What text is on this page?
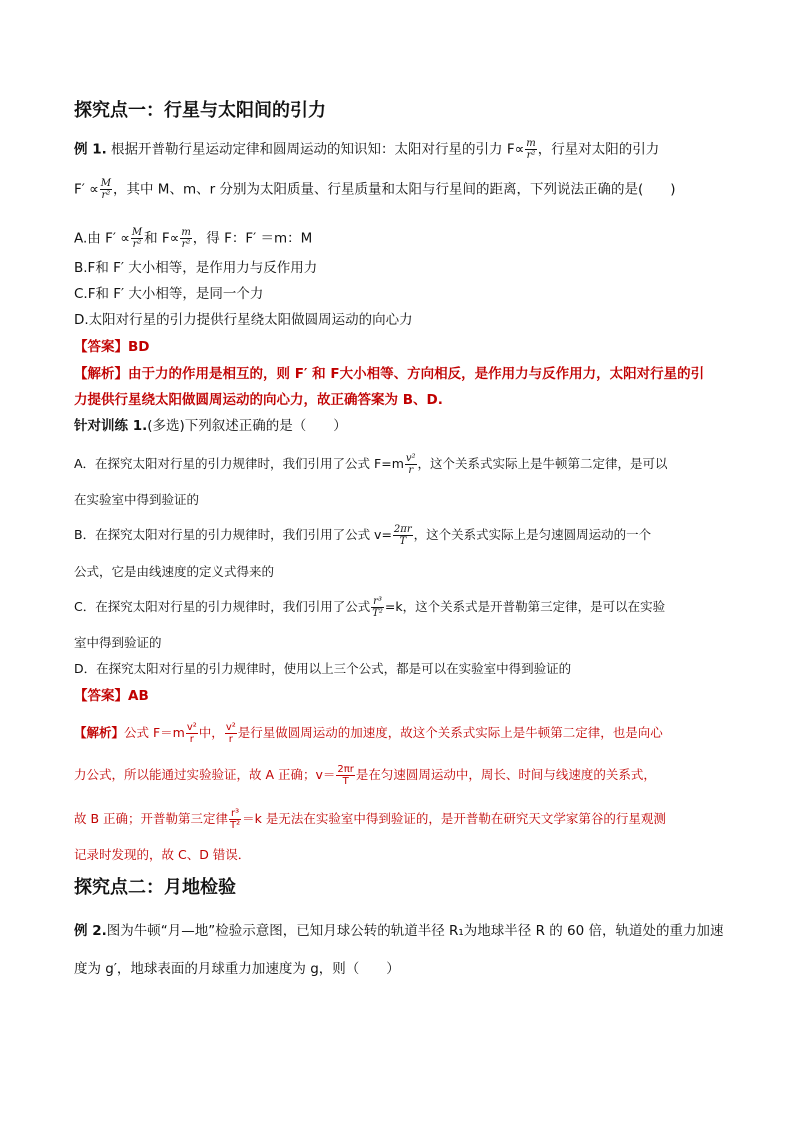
探究点一：行星与太阳间的引力
例 1. 根据开普勒行星运动定律和圆周运动的知识知：太阳对行星的引力 $F\propto \frac{m}{\text{r²}}$ ，行星对太阳的引力
$F' \propto \frac{M}{\text{r²}}$ ，其中 M、m、r 分别为太阳质量、行星质量和太阳与行星间的距离，下列说法正确的是(　　)
A.由 $F' \propto \frac{M}{\text{r²}}$ 和 $F\propto \frac{m}{\text{r²}}$ ，得 F：F′ ＝m：M
B.F和 F′ 大小相等，是作用力与反作用力
C.F和 F′ 大小相等，是同一个力
D.太阳对行星的引力提供行星绕太阳做圆周运动的向心力
【答案】BD
【解析】由于力的作用是相互的，则 F′ 和 F大小相等、方向相反，是作用力与反作用力，太阳对行星的引
力提供行星绕太阳做圆周运动的向心力，故正确答案为 B、D.
针对训练 1.(多选)下列叙述正确的是（　　）
A．在探究太阳对行星的引力规律时，我们引用了公式 $F=m \frac{\text{v²}}{r}$ ，这个关系式实际上是牛顿第二定律，是可以
在实验室中得到验证的
B．在探究太阳对行星的引力规律时，我们引用了公式 $v= \frac{2\pi r}{T}$ ，这个关系式实际上是匀速圆周运动的一个
公式，它是由线速度的定义式得来的
C．在探究太阳对行星的引力规律时，我们引用了公式 $\frac{\text{r³}}{\text{T²}} =k$，这个关系式是开普勒第三定律，是可以在实验
室中得到验证的
D．在探究太阳对行星的引力规律时，使用以上三个公式，都是可以在实验室中得到验证的
【答案】AB
【解析】公式 $F=m \frac{\text{v²}}{r}$ 中， $\frac{\text{v²}}{r}$ 是行星做圆周运动的加速度，故这个关系式实际上是牛顿第二定律，也是向心
力公式，所以能通过实验验证，故 A 正确；$v= \frac{2\pi r}{T}$ 是在匀速圆周运动中，周长、时间与线速度的关系式，
故 B 正确；开普勒第三定律 $\frac{\text{r³}}{\text{T²}} =k$ 是无法在实验室中得到验证的，是开普勒在研究天文学家第谷的行星观测
记录时发现的，故 C、D 错误．
探究点二：月地检验
例 2.图为牛顿“月—地”检验示意图，已知月球公转的轨道半径 R₁为地球半径 R 的 60 倍，轨道处的重力加速
度为 g′，地球表面的月球重力加速度为 g，则（　　）
